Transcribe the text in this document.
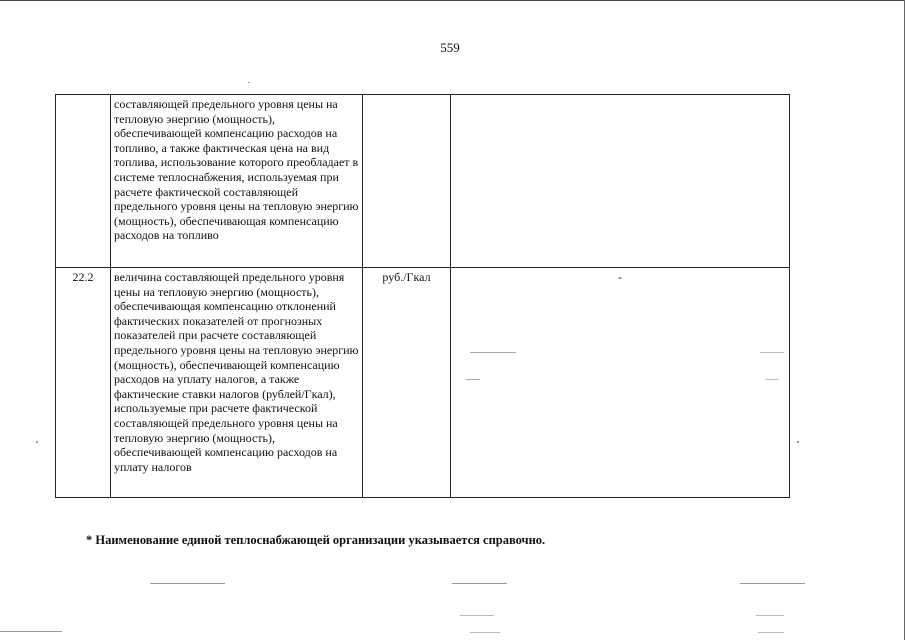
559
	составляющей предельного уровня цены на тепловую энергию (мощность), обеспечивающей компенсацию расходов на топливо, а также фактическая цена на вид топлива, использование которого преобладает в системе теплоснабжения, используемая при расчете фактической составляющей предельного уровня цены на тепловую энергию (мощность), обеспечивающая компенсацию расходов на топливо		
22.2	величина составляющей предельного уровня цены на тепловую энергию (мощность), обеспечивающая компенсацию отклонений фактических показателей от прогнозных показателей при расчете составляющей предельного уровня цены на тепловую энергию (мощность), обеспечивающей компенсацию расходов на уплату налогов, а также фактические ставки налогов (рублей/Гкал), используемые при расчете фактической составляющей предельного уровня цены на тепловую энергию (мощность), обеспечивающей компенсацию расходов на уплату налогов	руб./Гкал	-
* Наименование единой теплоснабжающей организации указывается справочно.
